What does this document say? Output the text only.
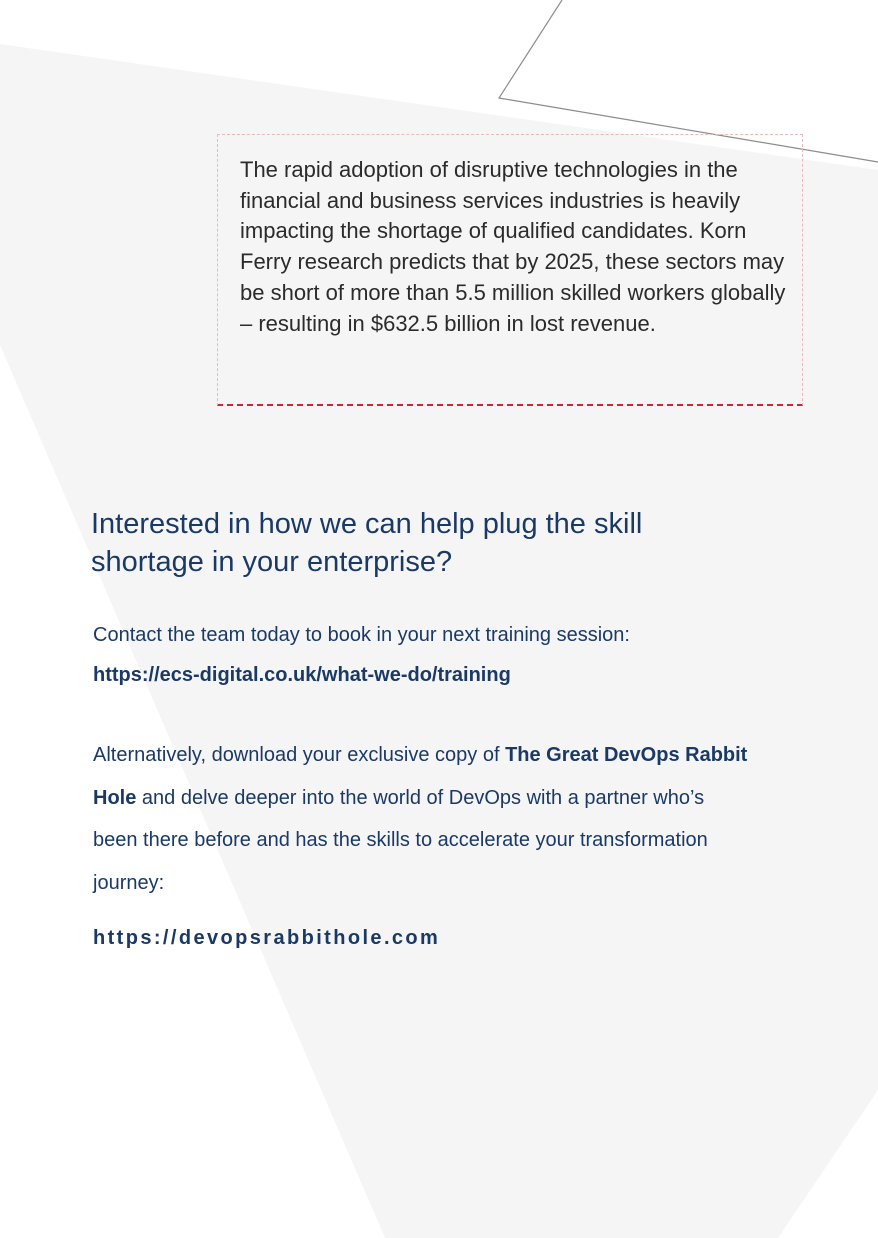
The rapid adoption of disruptive technologies in the financial and business services industries is heavily impacting the shortage of qualified candidates. Korn Ferry research predicts that by 2025, these sectors may be short of more than 5.5 million skilled workers globally – resulting in $632.5 billion in lost revenue.

Interested in how we can help plug the skill shortage in your enterprise?

Contact the team today to book in your next training session:

https://ecs-digital.co.uk/what-we-do/training

Alternatively, download your exclusive copy of The Great DevOps Rabbit Hole and delve deeper into the world of DevOps with a partner who’s been there before and has the skills to accelerate your transformation journey:

https://devopsrabbithole.com
